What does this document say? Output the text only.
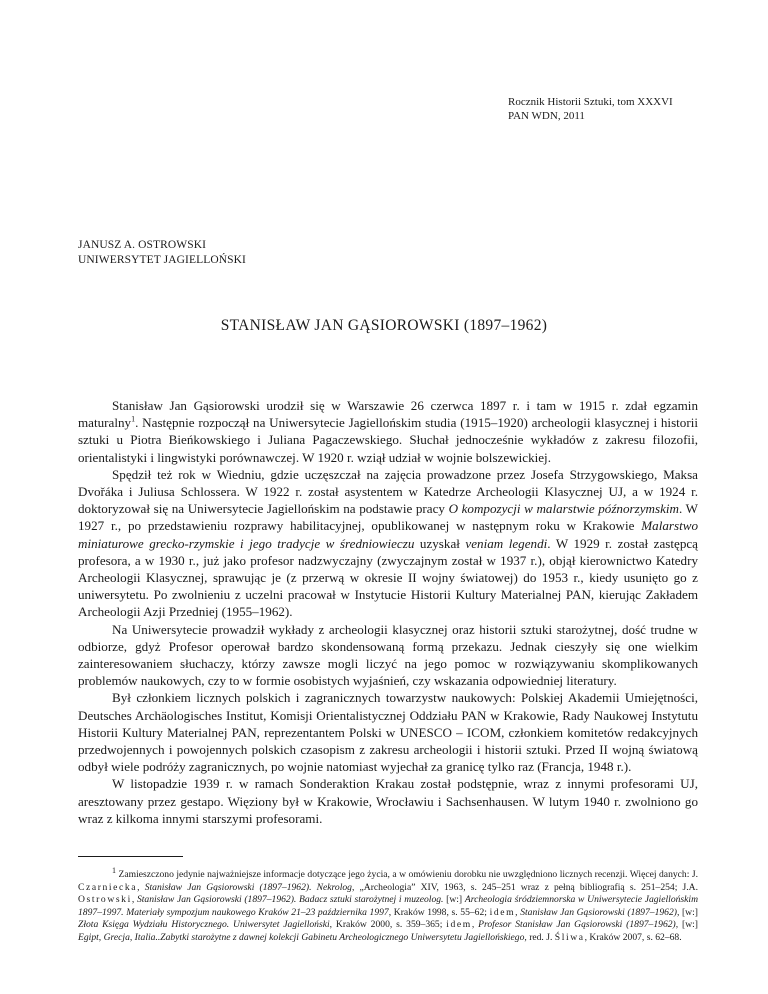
Rocznik Historii Sztuki, tom XXXVI
PAN WDN, 2011
JANUSZ A. OSTROWSKI
UNIWERSYTET JAGIELLOŃSKI
STANISŁAW JAN GĄSIOROWSKI (1897–1962)

Stanisław Jan Gąsiorowski urodził się w Warszawie 26 czerwca 1897 r. i tam w 1915 r. zdał egzamin maturalny$^1$. Następnie rozpoczął na Uniwersytecie Jagiellońskim studia (1915–1920) archeologii klasycznej i historii sztuki u Piotra Bieńkowskiego i Juliana Pagaczewskiego. Słuchał jednocześnie wykładów z zakresu filozofii, orientalistyki i lingwistyki porównawczej. W 1920 r. wziął udział w wojnie bolszewickiej.

Spędził też rok w Wiedniu, gdzie uczęszczał na zajęcia prowadzone przez Josefa Strzygowskiego, Maksa Dvořáka i Juliusa Schlossera. W 1922 r. został asystentem w Katedrze Archeologii Klasycznej UJ, a w 1924 r. doktoryzował się na Uniwersytecie Jagiellońskim na podstawie pracy O kompozycji w malarstwie późnorzymskim. W 1927 r., po przedstawieniu rozprawy habilitacyjnej, opublikowanej w następnym roku w Krakowie Malarstwo miniaturowe grecko-rzymskie i jego tradycje w średniowieczu uzyskał veniam legendi. W 1929 r. został zastępcą profesora, a w 1930 r., już jako profesor nadzwyczajny (zwyczajnym został w 1937 r.), objął kierownictwo Katedry Archeologii Klasycznej, sprawując je (z przerwą w okresie II wojny światowej) do 1953 r., kiedy usunięto go z uniwersytetu. Po zwolnieniu z uczelni pracował w Instytucie Historii Kultury Materialnej PAN, kierując Zakładem Archeologii Azji Przedniej (1955–1962).

Na Uniwersytecie prowadził wykłady z archeologii klasycznej oraz historii sztuki starożytnej, dość trudne w odbiorze, gdyż Profesor operował bardzo skondensowaną formą przekazu. Jednak cieszyły się one wielkim zainteresowaniem słuchaczy, którzy zawsze mogli liczyć na jego pomoc w rozwiązywaniu skomplikowanych problemów naukowych, czy to w formie osobistych wyjaśnień, czy wskazania odpowiedniej literatury.

Był członkiem licznych polskich i zagranicznych towarzystw naukowych: Polskiej Akademii Umiejętności, Deutsches Archäologisches Institut, Komisji Orientalistycznej Oddziału PAN w Krakowie, Rady Naukowej Instytutu Historii Kultury Materialnej PAN, reprezentantem Polski w UNESCO – ICOM, członkiem komitetów redakcyjnych przedwojennych i powojennych polskich czasopism z zakresu archeologii i historii sztuki. Przed II wojną światową odbył wiele podróży zagranicznych, po wojnie natomiast wyjechał za granicę tylko raz (Francja, 1948 r.).

W listopadzie 1939 r. w ramach Sonderaktion Krakau został podstępnie, wraz z innymi profesorami UJ, aresztowany przez gestapo. Więziony był w Krakowie, Wrocławiu i Sachsenhausen. W lutym 1940 r. zwolniono go wraz z kilkoma innymi starszymi profesorami.

$^1$ Zamieszczono jedynie najważniejsze informacje dotyczące jego życia, a w omówieniu dorobku nie uwzględniono licznych recenzji. Więcej danych: J. Czarniecka, Stanisław Jan Gąsiorowski (1897–1962). Nekrolog, „Archeologia” XIV, 1963, s. 245–251 wraz z pełną bibliografią s. 251–254; J.A. Ostrowski, Stanisław Jan Gąsiorowski (1897–1962). Badacz sztuki starożytnej i muzeolog. [w:] Archeologia śródziemnorska w Uniwersytecie Jagiellońskim 1897–1997. Materiały sympozjum naukowego Kraków 21–23 października 1997, Kraków 1998, s. 55–62; idem, Stanisław Jan Gąsiorowski (1897–1962), [w:] Złota Księga Wydziału Historycznego. Uniwersytet Jagielloński, Kraków 2000, s. 359–365; idem, Profesor Stanisław Jan Gąsiorowski (1897–1962), [w:] Egipt, Grecja, Italia..Zabytki starożytne z dawnej kolekcji Gabinetu Archeologicznego Uniwersytetu Jagiellońskiego, red. J. Śliwa, Kraków 2007, s. 62–68.
